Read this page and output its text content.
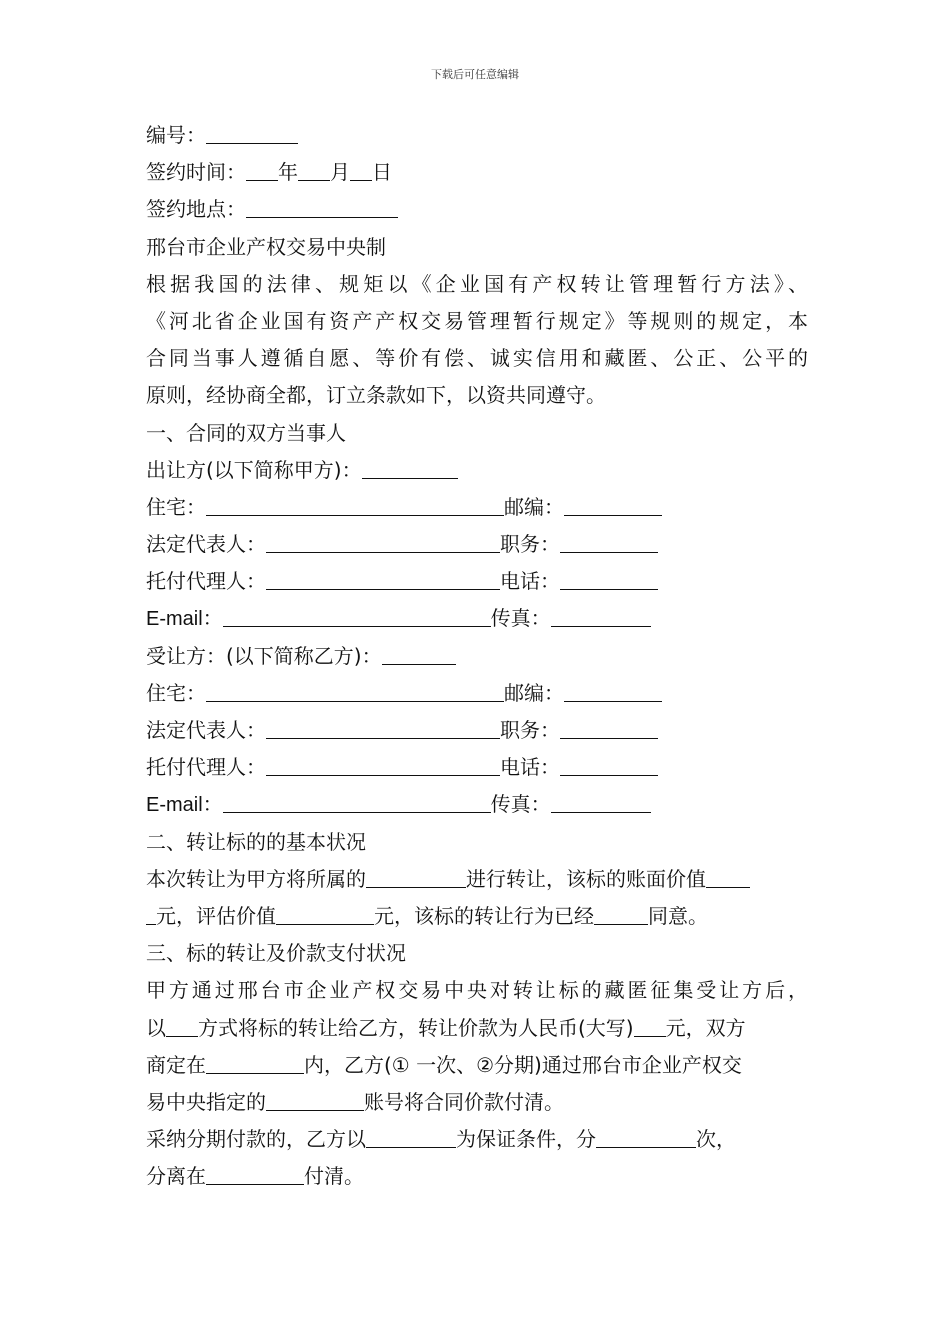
下载后可任意编辑
编号：
签约时间： 年 月 日
签约地点：
邢台市企业产权交易中央制
根据我国的法律、规矩以《企业国有产权转让管理暂行方法》、
《河北省企业国有资产产权交易管理暂行规定》等规则的规定，本
合同当事人遵循自愿、等价有偿、诚实信用和藏匿、公正、公平的
原则，经协商全都，订立条款如下，以资共同遵守。
一、合同的双方当事人
出让方(以下简称甲方)：
住宅：	邮编：
法定代表人：	职务：
托付代理人：	电话：
E-mail：	传真：
受让方：(以下简称乙方)：
住宅：	邮编：
法定代表人：	职务：
托付代理人：	电话：
E-mail：	传真：
二、转让标的的基本状况
本次转让为甲方将所属的	进行转让，该标的账面价值
元，评估价值	元，该标的转让行为已经	同意。
三、标的转让及价款支付状况
甲方通过邢台市企业产权交易中央对转让标的藏匿征集受让方后，
以 方式将标的转让给乙方，转让价款为人民币(大写) 元，双方
商定在	内，乙方(① 一次、②分期)通过邢台市企业产权交
易中央指定的	账号将合同价款付清。
采纳分期付款的，乙方以	为保证条件，分	次，
分离在	付清。
